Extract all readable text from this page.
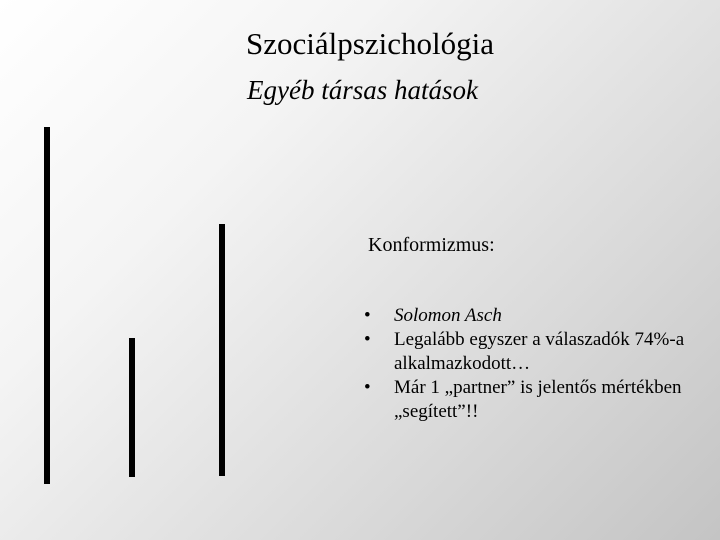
Szociálpszichológia
Egyéb társas hatások
Konformizmus:
•	Solomon Asch
•	Legalább egyszer a válaszadók 74%-a alkalmazkodott…
•	Már 1 „partner” is jelentős mértékben „segített”!!
